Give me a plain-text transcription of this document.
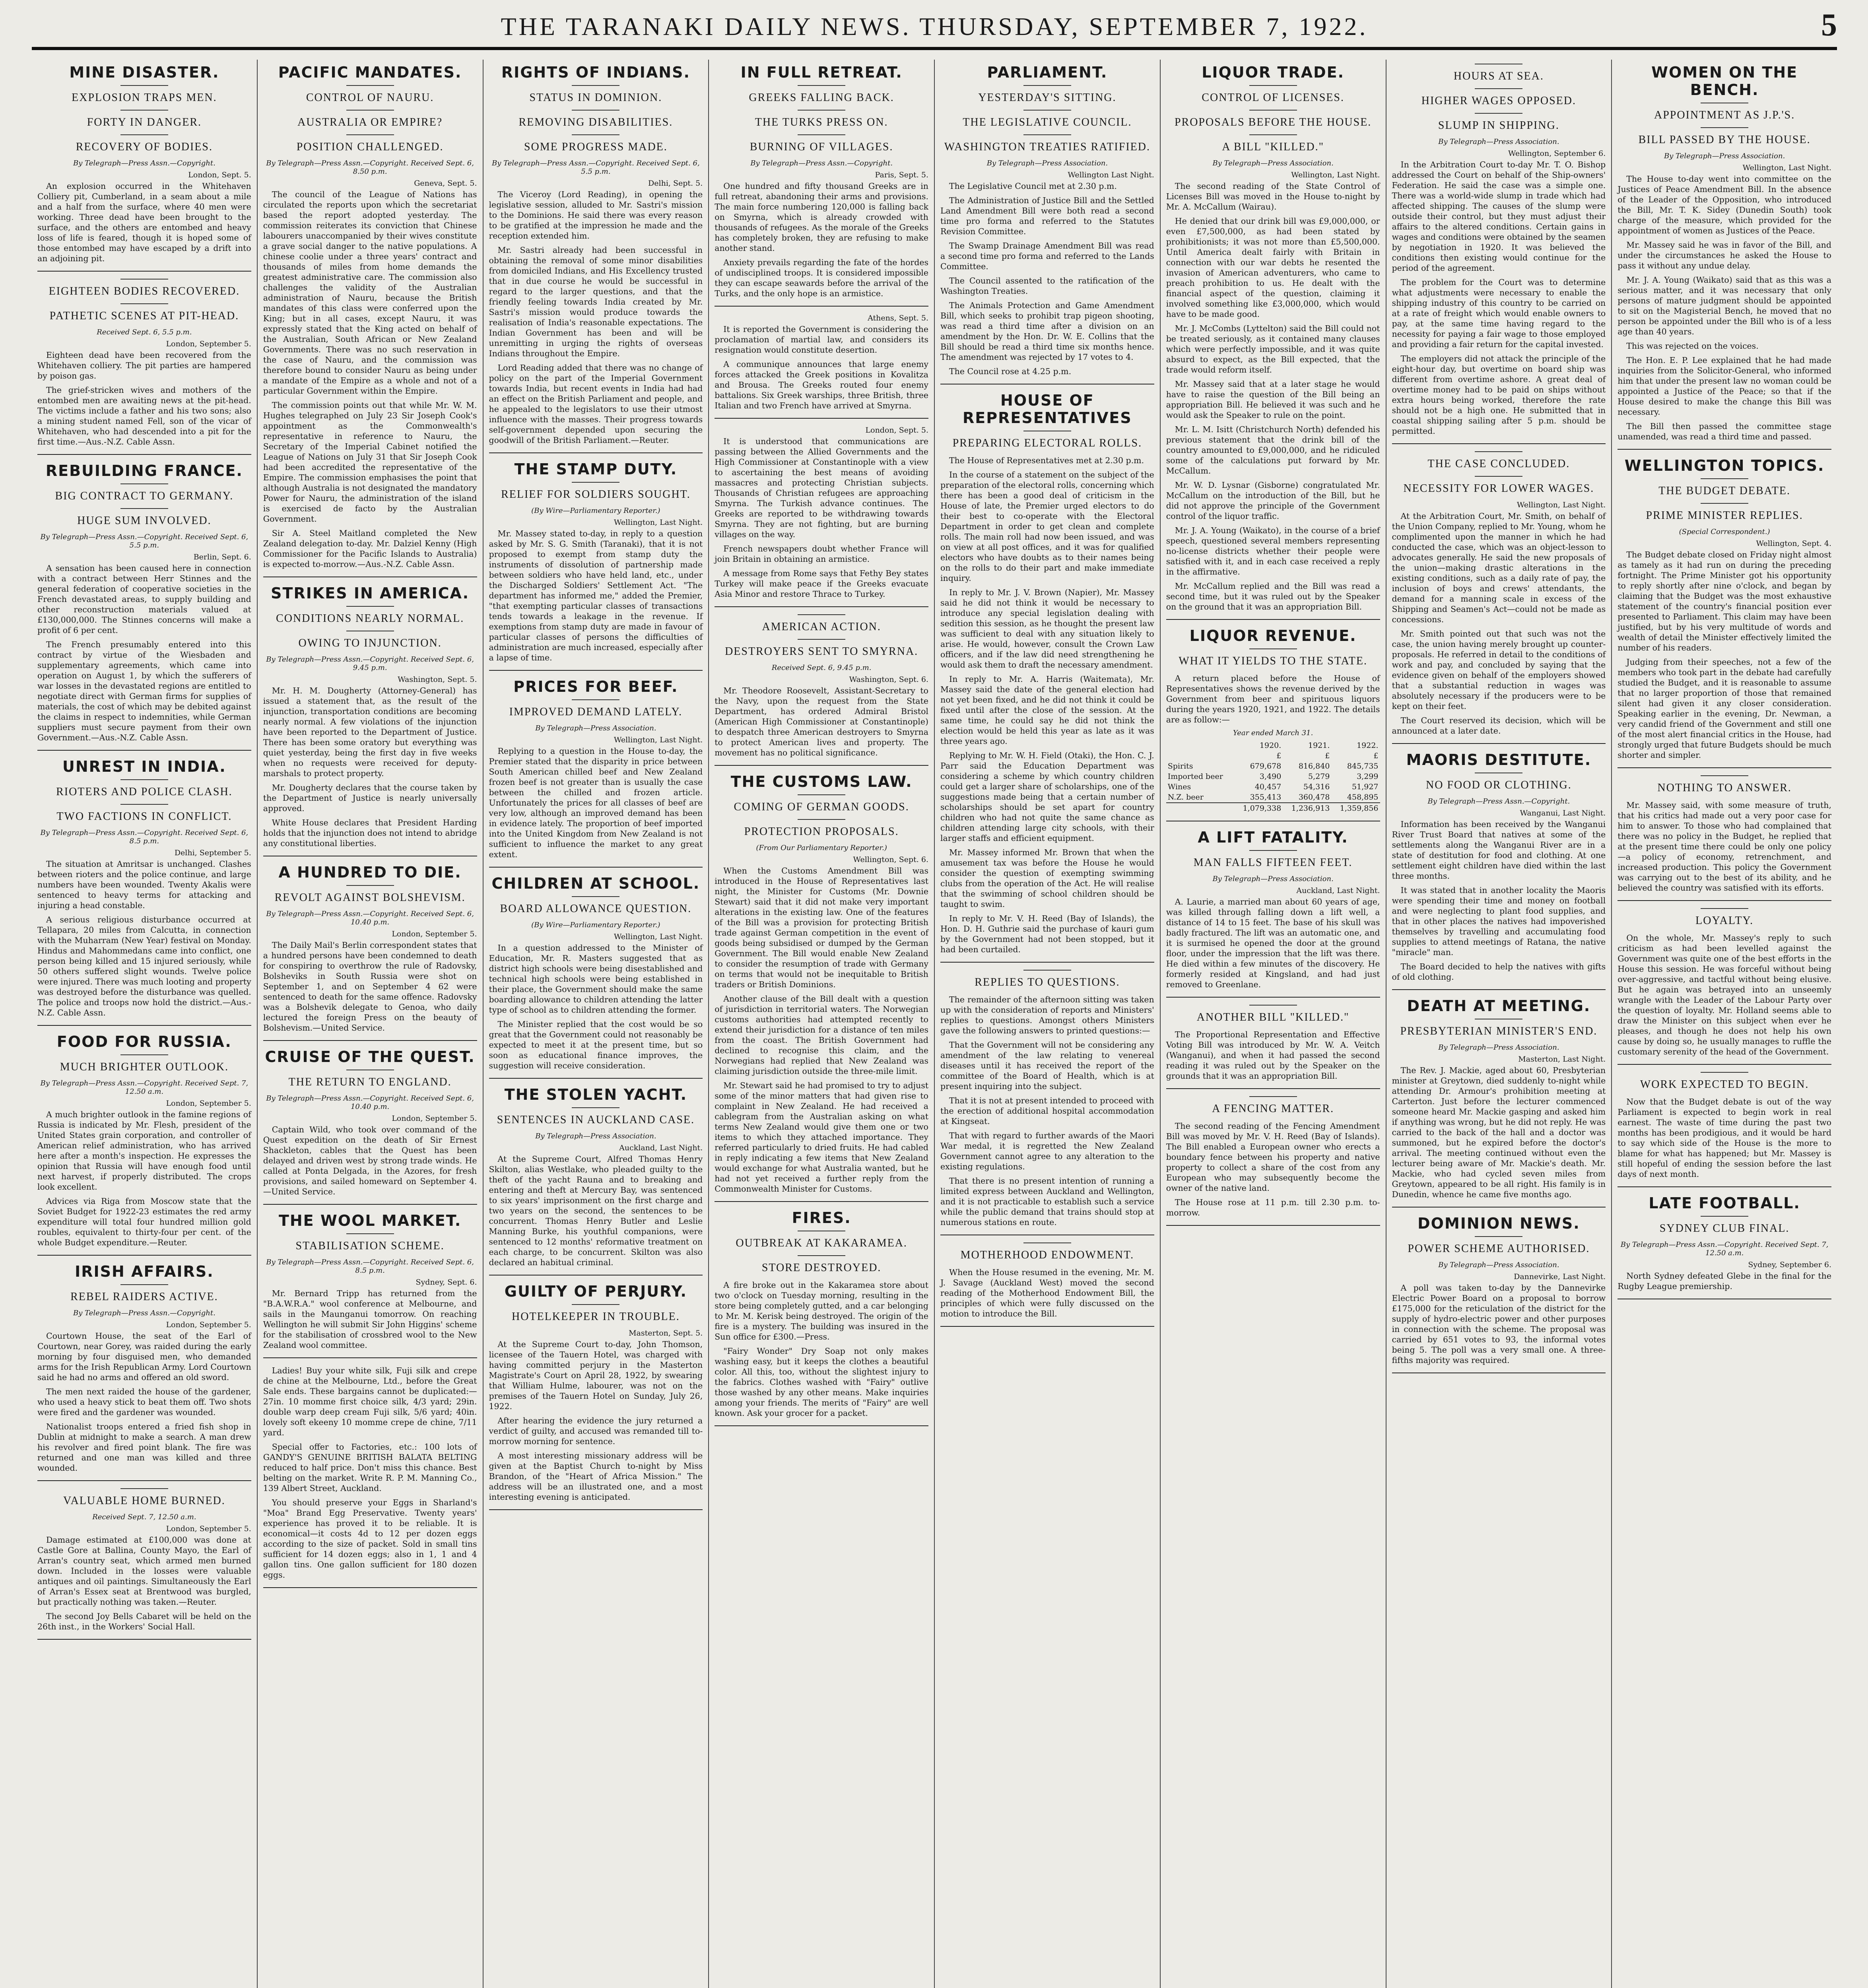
THE TARANAKI DAILY NEWS. THURSDAY, SEPTEMBER 7, 1922.	5
MINE DISASTER.
EXPLOSION TRAPS MEN.
FORTY IN DANGER.
RECOVERY OF BODIES.
By Telegraph—Press Assn.—Copyright.
London, Sept. 5.

An explosion occurred in the Whitehaven Colliery pit, Cumberland, in a seam about a mile and a half from the surface, where 40 men were working. Three dead have been brought to the surface, and the others are entombed and heavy loss of life is feared, though it is hoped some of those entombed may have escaped by a drift into an adjoining pit.

EIGHTEEN BODIES RECOVERED.
PATHETIC SCENES AT PIT-HEAD.
Received Sept. 6, 5.5 p.m.
London, September 5.

Eighteen dead have been recovered from the Whitehaven colliery. The pit parties are hampered by poison gas.

The grief-stricken wives and mothers of the entombed men are awaiting news at the pit-head. The victims include a father and his two sons; also a mining student named Fell, son of the vicar of Whitehaven, who had descended into a pit for the first time.—Aus.-N.Z. Cable Assn.

REBUILDING FRANCE.
BIG CONTRACT TO GERMANY.
HUGE SUM INVOLVED.
By Telegraph—Press Assn.—Copyright. Received Sept. 6, 5.5 p.m.
Berlin, Sept. 6.

A sensation has been caused here in connection with a contract between Herr Stinnes and the general federation of cooperative societies in the French devastated areas, to supply building and other reconstruction materials valued at £130,000,000. The Stinnes concerns will make a profit of 6 per cent.

The French presumably entered into this contract by virtue of the Wiesbaden and supplementary agreements, which came into operation on August 1, by which the sufferers of war losses in the devastated regions are entitled to negotiate direct with German firms for supplies of materials, the cost of which may be debited against the claims in respect to indemnities, while German suppliers must secure payment from their own Government.—Aus.-N.Z. Cable Assn.

UNREST IN INDIA.
RIOTERS AND POLICE CLASH.
TWO FACTIONS IN CONFLICT.
By Telegraph—Press Assn.—Copyright. Received Sept. 6, 8.5 p.m.
Delhi, September 5.

The situation at Amritsar is unchanged. Clashes between rioters and the police continue, and large numbers have been wounded. Twenty Akalis were sentenced to heavy terms for attacking and injuring a head constable.

A serious religious disturbance occurred at Tellapara, 20 miles from Calcutta, in connection with the Muharram (New Year) festival on Monday. Hindus and Mahommedans came into conflict, one person being killed and 15 injured seriously, while 50 others suffered slight wounds. Twelve police were injured. There was much looting and property was destroyed before the disturbance was quelled. The police and troops now hold the district.—Aus.-N.Z. Cable Assn.

FOOD FOR RUSSIA.
MUCH BRIGHTER OUTLOOK.
By Telegraph—Press Assn.—Copyright. Received Sept. 7, 12.50 a.m.
London, September 5.

A much brighter outlook in the famine regions of Russia is indicated by Mr. Flesh, president of the United States grain corporation, and controller of American relief administration, who has arrived here after a month's inspection. He expresses the opinion that Russia will have enough food until next harvest, if properly distributed. The crops look excellent.

Advices via Riga from Moscow state that the Soviet Budget for 1922-23 estimates the red army expenditure will total four hundred million gold roubles, equivalent to thirty-four per cent. of the whole Budget expenditure.—Reuter.

IRISH AFFAIRS.
REBEL RAIDERS ACTIVE.
By Telegraph—Press Assn.—Copyright.
London, September 5.

Courtown House, the seat of the Earl of Courtown, near Gorey, was raided during the early morning by four disguised men, who demanded arms for the Irish Republican Army. Lord Courtown said he had no arms and offered an old sword.

The men next raided the house of the gardener, who used a heavy stick to beat them off. Two shots were fired and the gardener was wounded.

Nationalist troops entered a fried fish shop in Dublin at midnight to make a search. A man drew his revolver and fired point blank. The fire was returned and one man was killed and three wounded.

VALUABLE HOME BURNED.
Received Sept. 7, 12.50 a.m.
London, September 5.

Damage estimated at £100,000 was done at Castle Gore at Ballina, County Mayo, the Earl of Arran's country seat, which armed men burned down. Included in the losses were valuable antiques and oil paintings. Simultaneously the Earl of Arran's Essex seat at Brentwood was burgled, but practically nothing was taken.—Reuter.

The second Joy Bells Cabaret will be held on the 26th inst., in the Workers' Social Hall.

PACIFIC MANDATES.
CONTROL OF NAURU.
AUSTRALIA OR EMPIRE?
POSITION CHALLENGED.
By Telegraph—Press Assn.—Copyright. Received Sept. 6, 8.50 p.m.
Geneva, Sept. 5.

The council of the League of Nations has circulated the reports upon which the secretariat based the report adopted yesterday. The commission reiterates its conviction that Chinese labourers unaccompanied by their wives constitute a grave social danger to the native populations. A chinese coolie under a three years' contract and thousands of miles from home demands the greatest administrative care. The commission also challenges the validity of the Australian administration of Nauru, because the British mandates of this class were conferred upon the King; but in all cases, except Nauru, it was expressly stated that the King acted on behalf of the Australian, South African or New Zealand Governments. There was no such reservation in the case of Nauru, and the commission was therefore bound to consider Nauru as being under a mandate of the Empire as a whole and not of a particular Government within the Empire.

The commission points out that while Mr. W. M. Hughes telegraphed on July 23 Sir Joseph Cook's appointment as the Commonwealth's representative in reference to Nauru, the Secretary of the Imperial Cabinet notified the League of Nations on July 31 that Sir Joseph Cook had been accredited the representative of the Empire. The commission emphasises the point that although Australia is not designated the mandatory Power for Nauru, the administration of the island is exercised de facto by the Australian Government.

Sir A. Steel Maitland completed the New Zealand delegation to-day. Mr. Dalziel Kenny (High Commissioner for the Pacific Islands to Australia) is expected to-morrow.—Aus.-N.Z. Cable Assn.

STRIKES IN AMERICA.
CONDITIONS NEARLY NORMAL.
OWING TO INJUNCTION.
By Telegraph—Press Assn.—Copyright. Received Sept. 6, 9.45 p.m.
Washington, Sept. 5.

Mr. H. M. Dougherty (Attorney-General) has issued a statement that, as the result of the injunction, transportation conditions are becoming nearly normal. A few violations of the injunction have been reported to the Department of Justice. There has been some oratory but everything was quiet yesterday, being the first day in five weeks when no requests were received for deputy-marshals to protect property.

Mr. Dougherty declares that the course taken by the Department of Justice is nearly universally approved.

White House declares that President Harding holds that the injunction does not intend to abridge any constitutional liberties.

A HUNDRED TO DIE.
REVOLT AGAINST BOLSHEVISM.
By Telegraph—Press Assn.—Copyright. Received Sept. 6, 10.40 p.m.
London, September 5.

The Daily Mail's Berlin correspondent states that a hundred persons have been condemned to death for conspiring to overthrow the rule of Radovsky, Bolsheviks in South Russia were shot on September 1, and on September 4 62 were sentenced to death for the same offence. Radovsky was a Bolshevik delegate to Genoa, who daily lectured the foreign Press on the beauty of Bolshevism.—United Service.

CRUISE OF THE QUEST.
THE RETURN TO ENGLAND.
By Telegraph—Press Assn.—Copyright. Received Sept. 6, 10.40 p.m.
London, September 5.

Captain Wild, who took over command of the Quest expedition on the death of Sir Ernest Shackleton, cables that the Quest has been delayed and driven west by strong trade winds. He called at Ponta Delgada, in the Azores, for fresh provisions, and sailed homeward on September 4.—United Service.

THE WOOL MARKET.
STABILISATION SCHEME.
By Telegraph—Press Assn.—Copyright. Received Sept. 6, 8.5 p.m.
Sydney, Sept. 6.

Mr. Bernard Tripp has returned from the "B.A.W.R.A." wool conference at Melbourne, and sails in the Maunganui tomorrow. On reaching Wellington he will submit Sir John Higgins' scheme for the stabilisation of crossbred wool to the New Zealand wool committee.

Ladies! Buy your white silk, Fuji silk and crepe de chine at the Melbourne, Ltd., before the Great Sale ends. These bargains cannot be duplicated:—27in. 10 momme first choice silk, 4/3 yard; 29in. double warp deep cream Fuji silk, 5/6 yard; 40in. lovely soft ekeeny 10 momme crepe de chine, 7/11 yard.

Special offer to Factories, etc.: 100 lots of GANDY'S GENUINE BRITISH BALATA BELTING reduced to half price. Don't miss this chance. Best belting on the market. Write R. P. M. Manning Co., 139 Albert Street, Auckland.

You should preserve your Eggs in Sharland's "Moa" Brand Egg Preservative. Twenty years' experience has proved it to be reliable. It is economical—it costs 4d to 12 per dozen eggs according to the size of packet. Sold in small tins sufficient for 14 dozen eggs; also in 1, 1 and 4 gallon tins. One gallon sufficient for 180 dozen eggs.

RIGHTS OF INDIANS.
STATUS IN DOMINION.
REMOVING DISABILITIES.
SOME PROGRESS MADE.
By Telegraph—Press Assn.—Copyright. Received Sept. 6, 5.5 p.m.
Delhi, Sept. 5.

The Viceroy (Lord Reading), in opening the legislative session, alluded to Mr. Sastri's mission to the Dominions. He said there was every reason to be gratified at the impression he made and the reception extended him.

Mr. Sastri already had been successful in obtaining the removal of some minor disabilities from domiciled Indians, and His Excellency trusted that in due course he would be successful in regard to the larger questions, and that the friendly feeling towards India created by Mr. Sastri's mission would produce towards the realisation of India's reasonable expectations. The Indian Government has been and will be unremitting in urging the rights of overseas Indians throughout the Empire.

Lord Reading added that there was no change of policy on the part of the Imperial Government towards India, but recent events in India had had an effect on the British Parliament and people, and he appealed to the legislators to use their utmost influence with the masses. Their progress towards self-government depended upon securing the goodwill of the British Parliament.—Reuter.

THE STAMP DUTY.
RELIEF FOR SOLDIERS SOUGHT.
(By Wire—Parliamentary Reporter.)
Wellington, Last Night.

Mr. Massey stated to-day, in reply to a question asked by Mr. S. G. Smith (Taranaki), that it is not proposed to exempt from stamp duty the instruments of dissolution of partnership made between soldiers who have held land, etc., under the Discharged Soldiers' Settlement Act. "The department has informed me," added the Premier, "that exempting particular classes of transactions tends towards a leakage in the revenue. If exemptions from stamp duty are made in favour of particular classes of persons the difficulties of administration are much increased, especially after a lapse of time.

PRICES FOR BEEF.
IMPROVED DEMAND LATELY.
By Telegraph—Press Association.
Wellington, Last Night.

Replying to a question in the House to-day, the Premier stated that the disparity in price between South American chilled beef and New Zealand frozen beef is not greater than is usually the case between the chilled and frozen article. Unfortunately the prices for all classes of beef are very low, although an improved demand has been in evidence lately. The proportion of beef imported into the United Kingdom from New Zealand is not sufficient to influence the market to any great extent.

CHILDREN AT SCHOOL.
BOARD ALLOWANCE QUESTION.
(By Wire—Parliamentary Reporter.)
Wellington, Last Night.

In a question addressed to the Minister of Education, Mr. R. Masters suggested that as district high schools were being disestablished and technical high schools were being established in their place, the Government should make the same boarding allowance to children attending the latter type of school as to children attending the former.

The Minister replied that the cost would be so great that the Government could not reasonably be expected to meet it at the present time, but so soon as educational finance improves, the suggestion will receive consideration.

THE STOLEN YACHT.
SENTENCES IN AUCKLAND CASE.
By Telegraph—Press Association.
Auckland, Last Night.

At the Supreme Court, Alfred Thomas Henry Skilton, alias Westlake, who pleaded guilty to the theft of the yacht Rauna and to breaking and entering and theft at Mercury Bay, was sentenced to six years' imprisonment on the first charge and two years on the second, the sentences to be concurrent. Thomas Henry Butler and Leslie Manning Burke, his youthful companions, were sentenced to 12 months' reformative treatment on each charge, to be concurrent. Skilton was also declared an habitual criminal.

GUILTY OF PERJURY.
HOTELKEEPER IN TROUBLE.
Masterton, Sept. 5.

At the Supreme Court to-day, John Thomson, licensee of the Tauern Hotel, was charged with having committed perjury in the Masterton Magistrate's Court on April 28, 1922, by swearing that William Hulme, labourer, was not on the premises of the Tauern Hotel on Sunday, July 26, 1922.

After hearing the evidence the jury returned a verdict of guilty, and accused was remanded till to-morrow morning for sentence.

A most interesting missionary address will be given at the Baptist Church to-night by Miss Brandon, of the "Heart of Africa Mission." The address will be an illustrated one, and a most interesting evening is anticipated.

IN FULL RETREAT.
GREEKS FALLING BACK.
THE TURKS PRESS ON.
BURNING OF VILLAGES.
By Telegraph—Press Assn.—Copyright.
Paris, Sept. 5.

One hundred and fifty thousand Greeks are in full retreat, abandoning their arms and provisions. The main force numbering 120,000 is falling back on Smyrna, which is already crowded with thousands of refugees. As the morale of the Greeks has completely broken, they are refusing to make another stand.

Anxiety prevails regarding the fate of the hordes of undisciplined troops. It is considered impossible they can escape seawards before the arrival of the Turks, and the only hope is an armistice.

Athens, Sept. 5.

It is reported the Government is considering the proclamation of martial law, and considers its resignation would constitute desertion.

A communique announces that large enemy forces attacked the Greek positions in Kovalitza and Brousa. The Greeks routed four enemy battalions. Six Greek warships, three British, three Italian and two French have arrived at Smyrna.

London, Sept. 5.

It is understood that communications are passing between the Allied Governments and the High Commissioner at Constantinople with a view to ascertaining the best means of avoiding massacres and protecting Christian subjects. Thousands of Christian refugees are approaching Smyrna. The Turkish advance continues. The Greeks are reported to be withdrawing towards Smyrna. They are not fighting, but are burning villages on the way.

French newspapers doubt whether France will join Britain in obtaining an armistice.

A message from Rome says that Fethy Bey states Turkey will make peace if the Greeks evacuate Asia Minor and restore Thrace to Turkey.

AMERICAN ACTION.
DESTROYERS SENT TO SMYRNA.
Received Sept. 6, 9.45 p.m.
Washington, Sept. 6.

Mr. Theodore Roosevelt, Assistant-Secretary to the Navy, upon the request from the State Department, has ordered Admiral Bristol (American High Commissioner at Constantinople) to despatch three American destroyers to Smyrna to protect American lives and property. The movement has no political significance.

THE CUSTOMS LAW.
COMING OF GERMAN GOODS.
PROTECTION PROPOSALS.
(From Our Parliamentary Reporter.)
Wellington, Sept. 6.

When the Customs Amendment Bill was introduced in the House of Representatives last night, the Minister for Customs (Mr. Downie Stewart) said that it did not make very important alterations in the existing law. One of the features of the Bill was a provision for protecting British trade against German competition in the event of goods being subsidised or dumped by the German Government. The Bill would enable New Zealand to consider the resumption of trade with Germany on terms that would not be inequitable to British traders or British Dominions.

Another clause of the Bill dealt with a question of jurisdiction in territorial waters. The Norwegian customs authorities had attempted recently to extend their jurisdiction for a distance of ten miles from the coast. The British Government had declined to recognise this claim, and the Norwegians had replied that New Zealand was claiming jurisdiction outside the three-mile limit.

Mr. Stewart said he had promised to try to adjust some of the minor matters that had given rise to complaint in New Zealand. He had received a cablegram from the Australian asking on what terms New Zealand would give them one or two items to which they attached importance. They referred particularly to dried fruits. He had cabled in reply indicating a few items that New Zealand would exchange for what Australia wanted, but he had not yet received a further reply from the Commonwealth Minister for Customs.

FIRES.
OUTBREAK AT KAKARAMEA.
STORE DESTROYED.

A fire broke out in the Kakaramea store about two o'clock on Tuesday morning, resulting in the store being completely gutted, and a car belonging to Mr. M. Kerisk being destroyed. The origin of the fire is a mystery. The building was insured in the Sun office for £300.—Press.

"Fairy Wonder" Dry Soap not only makes washing easy, but it keeps the clothes a beautiful color. All this, too, without the slightest injury to the fabrics. Clothes washed with "Fairy" outlive those washed by any other means. Make inquiries among your friends. The merits of "Fairy" are well known. Ask your grocer for a packet.

PARLIAMENT.
YESTERDAY'S SITTING.
THE LEGISLATIVE COUNCIL.
WASHINGTON TREATIES RATIFIED.
By Telegraph—Press Association.
Wellington Last Night.

The Legislative Council met at 2.30 p.m.

The Administration of Justice Bill and the Settled Land Amendment Bill were both read a second time pro forma and referred to the Statutes Revision Committee.

The Swamp Drainage Amendment Bill was read a second time pro forma and referred to the Lands Committee.

The Council assented to the ratification of the Washington Treaties.

The Animals Protection and Game Amendment Bill, which seeks to prohibit trap pigeon shooting, was read a third time after a division on an amendment by the Hon. Dr. W. E. Collins that the Bill should be read a third time six months hence. The amendment was rejected by 17 votes to 4.

The Council rose at 4.25 p.m.

HOUSE OF REPRESENTATIVES
PREPARING ELECTORAL ROLLS.

The House of Representatives met at 2.30 p.m.

In the course of a statement on the subject of the preparation of the electoral rolls, concerning which there has been a good deal of criticism in the House of late, the Premier urged electors to do their best to co-operate with the Electoral Department in order to get clean and complete rolls. The main roll had now been issued, and was on view at all post offices, and it was for qualified electors who have doubts as to their names being on the rolls to do their part and make immediate inquiry.

In reply to Mr. J. V. Brown (Napier), Mr. Massey said he did not think it would be necessary to introduce any special legislation dealing with sedition this session, as he thought the present law was sufficient to deal with any situation likely to arise. He would, however, consult the Crown Law officers, and if the law did need strengthening he would ask them to draft the necessary amendment.

In reply to Mr. A. Harris (Waitemata), Mr. Massey said the date of the general election had not yet been fixed, and he did not think it could be fixed until after the close of the session. At the same time, he could say he did not think the election would be held this year as late as it was three years ago.

Replying to Mr. W. H. Field (Otaki), the Hon. C. J. Parr said the Education Department was considering a scheme by which country children could get a larger share of scholarships, one of the suggestions made being that a certain number of scholarships should be set apart for country children who had not quite the same chance as children attending large city schools, with their larger staffs and efficient equipment.

Mr. Massey informed Mr. Brown that when the amusement tax was before the House he would consider the question of exempting swimming clubs from the operation of the Act. He will realise that the swimming of school children should be taught to swim.

In reply to Mr. V. H. Reed (Bay of Islands), the Hon. D. H. Guthrie said the purchase of kauri gum by the Government had not been stopped, but it had been curtailed.

REPLIES TO QUESTIONS.

The remainder of the afternoon sitting was taken up with the consideration of reports and Ministers' replies to questions. Amongst others Ministers gave the following answers to printed questions:—

That the Government will not be considering any amendment of the law relating to venereal diseases until it has received the report of the committee of the Board of Health, which is at present inquiring into the subject.

That it is not at present intended to proceed with the erection of additional hospital accommodation at Kingseat.

That with regard to further awards of the Maori War medal, it is regretted the New Zealand Government cannot agree to any alteration to the existing regulations.

That there is no present intention of running a limited express between Auckland and Wellington, and it is not practicable to establish such a service while the public demand that trains should stop at numerous stations en route.

MOTHERHOOD ENDOWMENT.

When the House resumed in the evening, Mr. M. J. Savage (Auckland West) moved the second reading of the Motherhood Endowment Bill, the principles of which were fully discussed on the motion to introduce the Bill.

LIQUOR TRADE.
CONTROL OF LICENSES.
PROPOSALS BEFORE THE HOUSE.
A BILL "KILLED."
By Telegraph—Press Association.
Wellington, Last Night.

The second reading of the State Control of Licenses Bill was moved in the House to-night by Mr. A. McCallum (Wairau).

He denied that our drink bill was £9,000,000, or even £7,500,000, as had been stated by prohibitionists; it was not more than £5,500,000. Until America dealt fairly with Britain in connection with our war debts he resented the invasion of American adventurers, who came to preach prohibition to us. He dealt with the financial aspect of the question, claiming it involved something like £3,000,000, which would have to be made good.

Mr. J. McCombs (Lyttelton) said the Bill could not be treated seriously, as it contained many clauses which were perfectly impossible, and it was quite absurd to expect, as the Bill expected, that the trade would reform itself.

Mr. Massey said that at a later stage he would have to raise the question of the Bill being an appropriation Bill. He believed it was such and he would ask the Speaker to rule on the point.

Mr. L. M. Isitt (Christchurch North) defended his previous statement that the drink bill of the country amounted to £9,000,000, and he ridiculed some of the calculations put forward by Mr. McCallum.

Mr. W. D. Lysnar (Gisborne) congratulated Mr. McCallum on the introduction of the Bill, but he did not approve the principle of the Government control of the liquor traffic.

Mr. J. A. Young (Waikato), in the course of a brief speech, questioned several members representing no-license districts whether their people were satisfied with it, and in each case received a reply in the affirmative.

Mr. McCallum replied and the Bill was read a second time, but it was ruled out by the Speaker on the ground that it was an appropriation Bill.

LIQUOR REVENUE.
WHAT IT YIELDS TO THE STATE.

A return placed before the House of Representatives shows the revenue derived by the Government from beer and spirituous liquors during the years 1920, 1921, and 1922. The details are as follow:—

Year ended March 31.
	1920.	1921.	1922.
	£	£	£
Spirits	679,678	816,840	845,735
Imported beer	3,490	5,279	3,299
Wines	40,457	54,316	51,927
N.Z. beer	355,413	360,478	458,895
	1,079,338	1,236,913	1,359,856
A LIFT FATALITY.
MAN FALLS FIFTEEN FEET.
By Telegraph—Press Association.
Auckland, Last Night.

A. Laurie, a married man about 60 years of age, was killed through falling down a lift well, a distance of 14 to 15 feet. The base of his skull was badly fractured. The lift was an automatic one, and it is surmised he opened the door at the ground floor, under the impression that the lift was there. He died within a few minutes of the discovery. He formerly resided at Kingsland, and had just removed to Greenlane.

ANOTHER BILL "KILLED."

The Proportional Representation and Effective Voting Bill was introduced by Mr. W. A. Veitch (Wanganui), and when it had passed the second reading it was ruled out by the Speaker on the grounds that it was an appropriation Bill.

A FENCING MATTER.

The second reading of the Fencing Amendment Bill was moved by Mr. V. H. Reed (Bay of Islands). The Bill enabled a European owner who erects a boundary fence between his property and native property to collect a share of the cost from any European who may subsequently become the owner of the native land.

The House rose at 11 p.m. till 2.30 p.m. to-morrow.

HOURS AT SEA.
HIGHER WAGES OPPOSED.
SLUMP IN SHIPPING.
By Telegraph—Press Association.
Wellington, September 6.

In the Arbitration Court to-day Mr. T. O. Bishop addressed the Court on behalf of the Ship-owners' Federation. He said the case was a simple one. There was a world-wide slump in trade which had affected shipping. The causes of the slump were outside their control, but they must adjust their affairs to the altered conditions. Certain gains in wages and conditions were obtained by the seamen by negotiation in 1920. It was believed the conditions then existing would continue for the period of the agreement.

The problem for the Court was to determine what adjustments were necessary to enable the shipping industry of this country to be carried on at a rate of freight which would enable owners to pay, at the same time having regard to the necessity for paying a fair wage to those employed and providing a fair return for the capital invested.

The employers did not attack the principle of the eight-hour day, but overtime on board ship was different from overtime ashore. A great deal of overtime money had to be paid on ships without extra hours being worked, therefore the rate should not be a high one. He submitted that in coastal shipping sailing after 5 p.m. should be permitted.

THE CASE CONCLUDED.
NECESSITY FOR LOWER WAGES.
Wellington, Last Night.

At the Arbitration Court, Mr. Smith, on behalf of the Union Company, replied to Mr. Young, whom he complimented upon the manner in which he had conducted the case, which was an object-lesson to advocates generally. He said the new proposals of the union—making drastic alterations in the existing conditions, such as a daily rate of pay, the inclusion of boys and crews' attendants, the demand for a manning scale in excess of the Shipping and Seamen's Act—could not be made as concessions.

Mr. Smith pointed out that such was not the case, the union having merely brought up counter-proposals. He referred in detail to the conditions of work and pay, and concluded by saying that the evidence given on behalf of the employers showed that a substantial reduction in wages was absolutely necessary if the producers were to be kept on their feet.

The Court reserved its decision, which will be announced at a later date.

MAORIS DESTITUTE.
NO FOOD OR CLOTHING.
By Telegraph—Press Assn.—Copyright.
Wanganui, Last Night.

Information has been received by the Wanganui River Trust Board that natives at some of the settlements along the Wanganui River are in a state of destitution for food and clothing. At one settlement eight children have died within the last three months.

It was stated that in another locality the Maoris were spending their time and money on football and were neglecting to plant food supplies, and that in other places the natives had impoverished themselves by travelling and accumulating food supplies to attend meetings of Ratana, the native "miracle" man.

The Board decided to help the natives with gifts of old clothing.

DEATH AT MEETING.
PRESBYTERIAN MINISTER'S END.
By Telegraph—Press Association.
Masterton, Last Night.

The Rev. J. Mackie, aged about 60, Presbyterian minister at Greytown, died suddenly to-night while attending Dr. Armour's prohibition meeting at Carterton. Just before the lecturer commenced someone heard Mr. Mackie gasping and asked him if anything was wrong, but he did not reply. He was carried to the back of the hall and a doctor was summoned, but he expired before the doctor's arrival. The meeting continued without even the lecturer being aware of Mr. Mackie's death. Mr. Mackie, who had cycled seven miles from Greytown, appeared to be all right. His family is in Dunedin, whence he came five months ago.

DOMINION NEWS.
POWER SCHEME AUTHORISED.
By Telegraph—Press Association.
Dannevirke, Last Night.

A poll was taken to-day by the Dannevirke Electric Power Board on a proposal to borrow £175,000 for the reticulation of the district for the supply of hydro-electric power and other purposes in connection with the scheme. The proposal was carried by 651 votes to 93, the informal votes being 5. The poll was a very small one. A three-fifths majority was required.

WOMEN ON THE BENCH.
APPOINTMENT AS J.P.'S.
BILL PASSED BY THE HOUSE.
By Telegraph—Press Association.
Wellington, Last Night.

The House to-day went into committee on the Justices of Peace Amendment Bill. In the absence of the Leader of the Opposition, who introduced the Bill, Mr. T. K. Sidey (Dunedin South) took charge of the measure, which provided for the appointment of women as Justices of the Peace.

Mr. Massey said he was in favor of the Bill, and under the circumstances he asked the House to pass it without any undue delay.

Mr. J. A. Young (Waikato) said that as this was a serious matter, and it was necessary that only persons of mature judgment should be appointed to sit on the Magisterial Bench, he moved that no person be appointed under the Bill who is of a less age than 40 years.

This was rejected on the voices.

The Hon. E. P. Lee explained that he had made inquiries from the Solicitor-General, who informed him that under the present law no woman could be appointed a Justice of the Peace; so that if the House desired to make the change this Bill was necessary.

The Bill then passed the committee stage unamended, was read a third time and passed.

WELLINGTON TOPICS.
THE BUDGET DEBATE.
PRIME MINISTER REPLIES.
(Special Correspondent.)
Wellington, Sept. 4.

The Budget debate closed on Friday night almost as tamely as it had run on during the preceding fortnight. The Prime Minister got his opportunity to reply shortly after nine o'clock, and began by claiming that the Budget was the most exhaustive statement of the country's financial position ever presented to Parliament. This claim may have been justified, but by his very multitude of words and wealth of detail the Minister effectively limited the number of his readers.

Judging from their speeches, not a few of the members who took part in the debate had carefully studied the Budget, and it is reasonable to assume that no larger proportion of those that remained silent had given it any closer consideration. Speaking earlier in the evening, Dr. Newman, a very candid friend of the Government and still one of the most alert financial critics in the House, had strongly urged that future Budgets should be much shorter and simpler.

NOTHING TO ANSWER.

Mr. Massey said, with some measure of truth, that his critics had made out a very poor case for him to answer. To those who had complained that there was no policy in the Budget, he replied that at the present time there could be only one policy—a policy of economy, retrenchment, and increased production. This policy the Government was carrying out to the best of its ability, and he believed the country was satisfied with its efforts.

LOYALTY.

On the whole, Mr. Massey's reply to such criticism as had been levelled against the Government was quite one of the best efforts in the House this session. He was forceful without being over-aggressive, and tactful without being elusive. But he again was betrayed into an unseemly wrangle with the Leader of the Labour Party over the question of loyalty. Mr. Holland seems able to draw the Minister on this subject when ever he pleases, and though he does not help his own cause by doing so, he usually manages to ruffle the customary serenity of the head of the Government.

WORK EXPECTED TO BEGIN.

Now that the Budget debate is out of the way Parliament is expected to begin work in real earnest. The waste of time during the past two months has been prodigious, and it would be hard to say which side of the House is the more to blame for what has happened; but Mr. Massey is still hopeful of ending the session before the last days of next month.

LATE FOOTBALL.
SYDNEY CLUB FINAL.
By Telegraph—Press Assn.—Copyright. Received Sept. 7, 12.50 a.m.
Sydney, September 6.

North Sydney defeated Glebe in the final for the Rugby League premiership.
